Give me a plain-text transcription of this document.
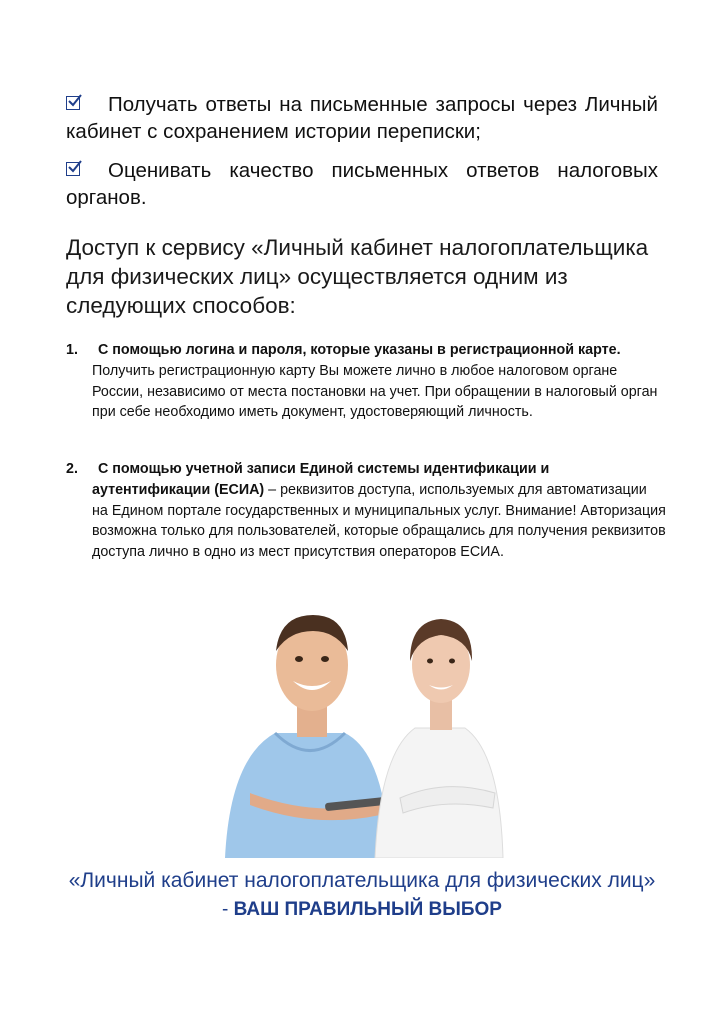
Получать ответы на письменные запросы через Личный кабинет с сохранением истории переписки;
Оценивать качество письменных ответов налоговых органов.
Доступ к сервису «Личный кабинет налогоплательщика для физических лиц» осуществляется одним из следующих способов:
1.	С помощью логина и пароля, которые указаны в регистрационной карте.
Получить регистрационную карту Вы можете лично в любое налоговом органе России, независимо от места постановки на учет. При обращении в налоговый орган при себе необходимо иметь документ, удостоверяющий личность.
2.	С помощью учетной записи Единой системы идентификации и аутентификации (ЕСИА) – реквизитов доступа, используемых для автоматизации на Едином портале государственных и муниципальных услуг. Внимание! Авторизация возможна только для пользователей, которые обращались для получения реквизитов доступа лично в одно из мест присутствия операторов ЕСИА.
«Личный кабинет налогоплательщика для физических лиц»
- ВАШ ПРАВИЛЬНЫЙ ВЫБОР
